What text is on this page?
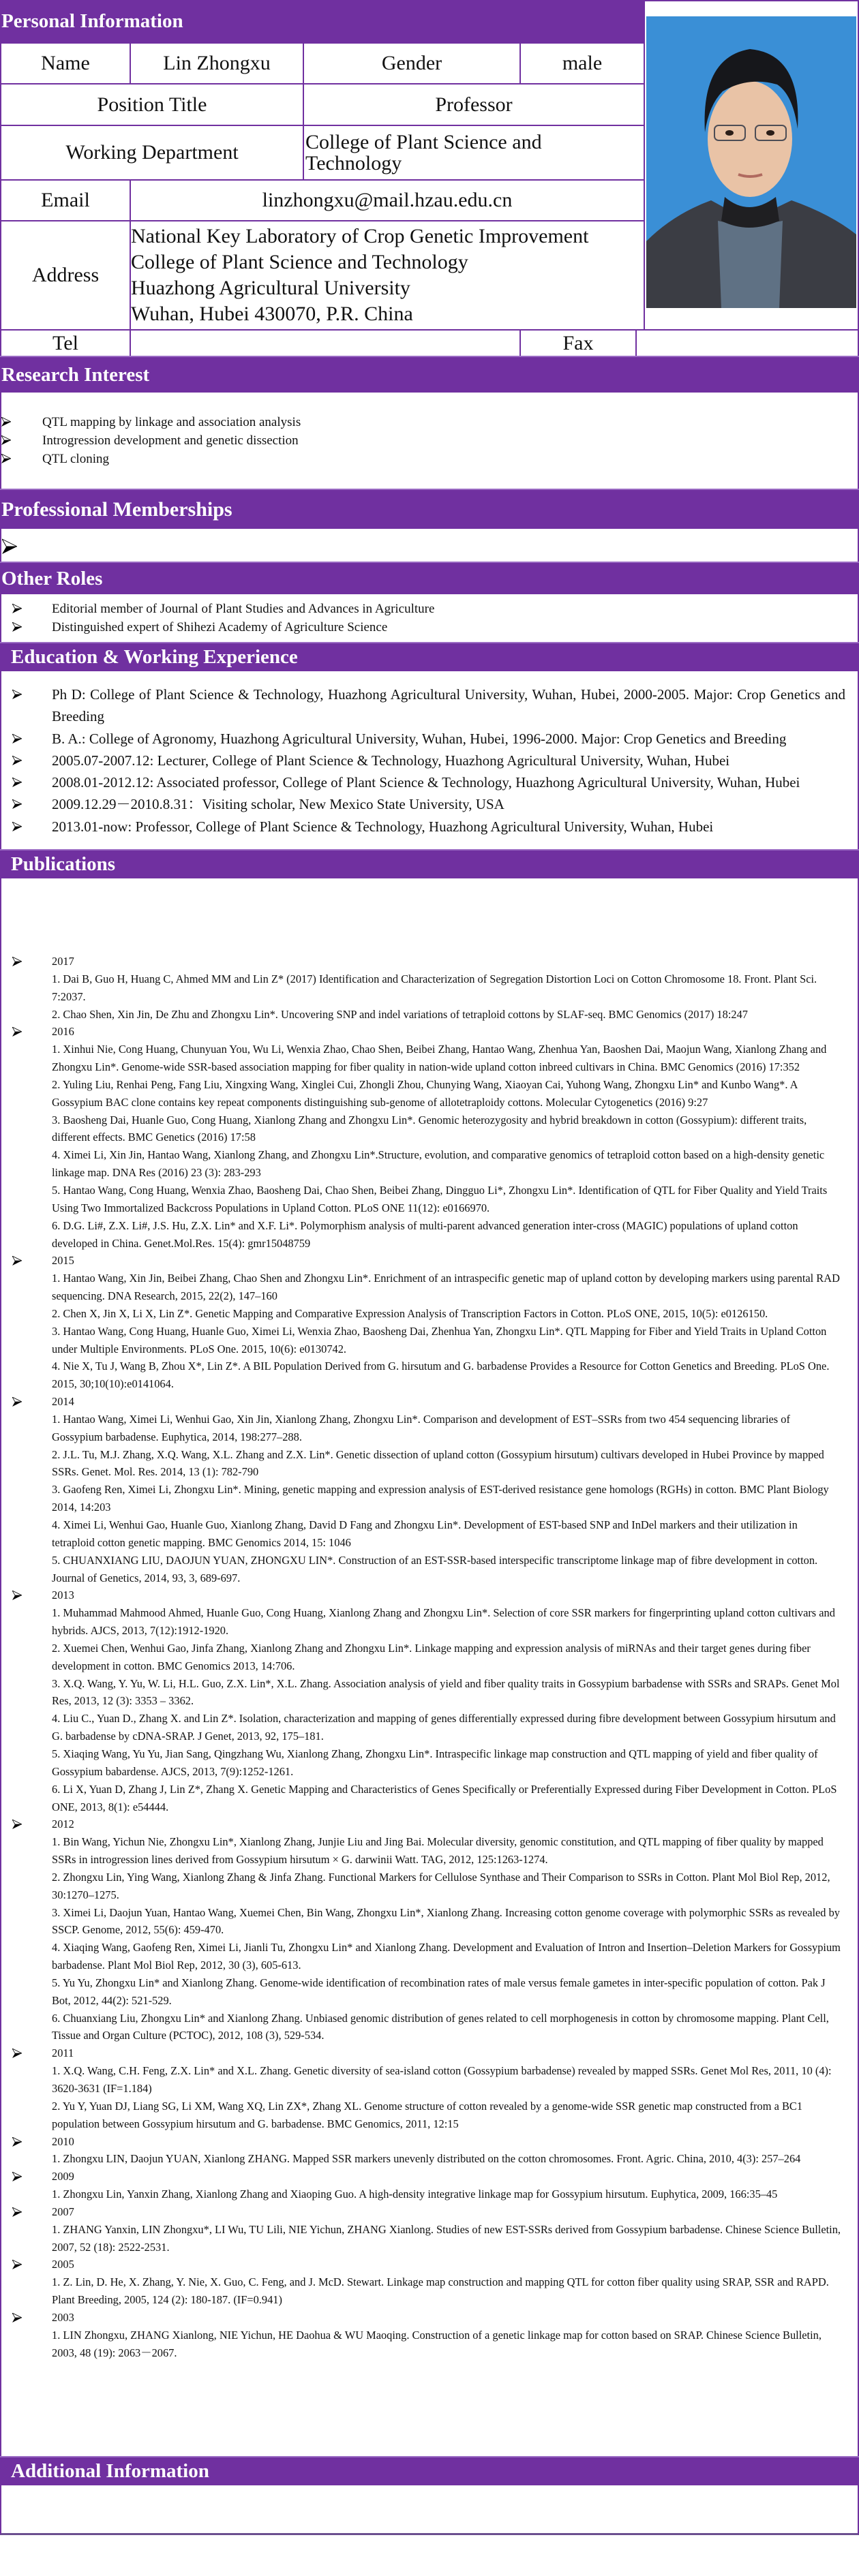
Personal Information
Name	Lin Zhongxu	Gender	male
Position Title	Professor
Working Department	College of Plant Science and Technology
Email	linzhongxu@mail.hzau.edu.cn
Address
National Key Laboratory of Crop Genetic Improvement
College of Plant Science and Technology
Huazhong Agricultural University
Wuhan, Hubei 430070, P.R. China
Tel	Fax
Research Interest
QTL mapping by linkage and association analysis
Introgression development and genetic dissection
QTL cloning
Professional Memberships
Other Roles
Editorial member of Journal of Plant Studies and Advances in Agriculture
Distinguished expert of Shihezi Academy of Agriculture Science
Education & Working Experience
Ph D: College of Plant Science & Technology, Huazhong Agricultural University, Wuhan, Hubei, 2000-2005. Major: Crop Genetics and Breeding
B. A.: College of Agronomy, Huazhong Agricultural University, Wuhan, Hubei, 1996-2000. Major: Crop Genetics and Breeding
2005.07-2007.12: Lecturer, College of Plant Science & Technology, Huazhong Agricultural University, Wuhan, Hubei
2008.01-2012.12: Associated professor, College of Plant Science & Technology, Huazhong Agricultural University, Wuhan, Hubei
2009.12.29－2010.8.31：Visiting scholar, New Mexico State University, USA
2013.01-now: Professor, College of Plant Science & Technology, Huazhong Agricultural University, Wuhan, Hubei
Publications
2017
1. Dai B, Guo H, Huang C, Ahmed MM and Lin Z* (2017) Identification and Characterization of Segregation Distortion Loci on Cotton Chromosome 18. Front. Plant Sci. 7:2037.
2. Chao Shen, Xin Jin, De Zhu and Zhongxu Lin*. Uncovering SNP and indel variations of tetraploid cottons by SLAF-seq. BMC Genomics (2017) 18:247
2016
1. Xinhui Nie, Cong Huang, Chunyuan You, Wu Li, Wenxia Zhao, Chao Shen, Beibei Zhang, Hantao Wang, Zhenhua Yan, Baoshen Dai, Maojun Wang, Xianlong Zhang and Zhongxu Lin*. Genome-wide SSR-based association mapping for fiber quality in nation-wide upland cotton inbreed cultivars in China. BMC Genomics (2016) 17:352
2. Yuling Liu, Renhai Peng, Fang Liu, Xingxing Wang, Xinglei Cui, Zhongli Zhou, Chunying Wang, Xiaoyan Cai, Yuhong Wang, Zhongxu Lin* and Kunbo Wang*. A Gossypium BAC clone contains key repeat components distinguishing sub-genome of allotetraploidy cottons. Molecular Cytogenetics (2016) 9:27
3. Baosheng Dai, Huanle Guo, Cong Huang, Xianlong Zhang and Zhongxu Lin*. Genomic heterozygosity and hybrid breakdown in cotton (Gossypium): different traits, different effects. BMC Genetics (2016) 17:58
4. Ximei Li, Xin Jin, Hantao Wang, Xianlong Zhang, and Zhongxu Lin*.Structure, evolution, and comparative genomics of tetraploid cotton based on a high-density genetic linkage map. DNA Res (2016) 23 (3): 283-293
5. Hantao Wang, Cong Huang, Wenxia Zhao, Baosheng Dai, Chao Shen, Beibei Zhang, Dingguo Li*, Zhongxu Lin*. Identification of QTL for Fiber Quality and Yield Traits Using Two Immortalized Backcross Populations in Upland Cotton. PLoS ONE 11(12): e0166970.
6. D.G. Li#, Z.X. Li#, J.S. Hu, Z.X. Lin* and X.F. Li*. Polymorphism analysis of multi-parent advanced generation inter-cross (MAGIC) populations of upland cotton developed in China. Genet.Mol.Res. 15(4): gmr15048759
2015
1. Hantao Wang, Xin Jin, Beibei Zhang, Chao Shen and Zhongxu Lin*. Enrichment of an intraspecific genetic map of upland cotton by developing markers using parental RAD sequencing. DNA Research, 2015, 22(2), 147–160
2. Chen X, Jin X, Li X, Lin Z*. Genetic Mapping and Comparative Expression Analysis of Transcription Factors in Cotton. PLoS ONE, 2015, 10(5): e0126150.
3. Hantao Wang, Cong Huang, Huanle Guo, Ximei Li, Wenxia Zhao, Baosheng Dai, Zhenhua Yan, Zhongxu Lin*. QTL Mapping for Fiber and Yield Traits in Upland Cotton under Multiple Environments. PLoS One. 2015, 10(6): e0130742.
4. Nie X, Tu J, Wang B, Zhou X*, Lin Z*. A BIL Population Derived from G. hirsutum and G. barbadense Provides a Resource for Cotton Genetics and Breeding. PLoS One. 2015, 30;10(10):e0141064.
2014
1. Hantao Wang, Ximei Li, Wenhui Gao, Xin Jin, Xianlong Zhang, Zhongxu Lin*. Comparison and development of EST–SSRs from two 454 sequencing libraries of Gossypium barbadense. Euphytica, 2014, 198:277–288.
2. J.L. Tu, M.J. Zhang, X.Q. Wang, X.L. Zhang and Z.X. Lin*. Genetic dissection of upland cotton (Gossypium hirsutum) cultivars developed in Hubei Province by mapped SSRs. Genet. Mol. Res. 2014, 13 (1): 782-790
3. Gaofeng Ren, Ximei Li, Zhongxu Lin*. Mining, genetic mapping and expression analysis of EST-derived resistance gene homologs (RGHs) in cotton. BMC Plant Biology 2014, 14:203
4. Ximei Li, Wenhui Gao, Huanle Guo, Xianlong Zhang, David D Fang and Zhongxu Lin*. Development of EST-based SNP and InDel markers and their utilization in tetraploid cotton genetic mapping. BMC Genomics 2014, 15: 1046
5. CHUANXIANG LIU, DAOJUN YUAN, ZHONGXU LIN*. Construction of an EST-SSR-based interspecific transcriptome linkage map of fibre development in cotton. Journal of Genetics, 2014, 93, 3, 689-697.
2013
1. Muhammad Mahmood Ahmed, Huanle Guo, Cong Huang, Xianlong Zhang and Zhongxu Lin*. Selection of core SSR markers for fingerprinting upland cotton cultivars and hybrids. AJCS, 2013, 7(12):1912-1920.
2. Xuemei Chen, Wenhui Gao, Jinfa Zhang, Xianlong Zhang and Zhongxu Lin*. Linkage mapping and expression analysis of miRNAs and their target genes during fiber development in cotton. BMC Genomics 2013, 14:706.
3. X.Q. Wang, Y. Yu, W. Li, H.L. Guo, Z.X. Lin*, X.L. Zhang. Association analysis of yield and fiber quality traits in Gossypium barbadense with SSRs and SRAPs. Genet Mol Res, 2013, 12 (3): 3353 – 3362.
4. Liu C., Yuan D., Zhang X. and Lin Z*. Isolation, characterization and mapping of genes differentially expressed during fibre development between Gossypium hirsutum and G. barbadense by cDNA-SRAP. J Genet, 2013, 92, 175–181.
5. Xiaqing Wang, Yu Yu, Jian Sang, Qingzhang Wu, Xianlong Zhang, Zhongxu Lin*. Intraspecific linkage map construction and QTL mapping of yield and fiber quality of Gossypium babardense. AJCS, 2013, 7(9):1252-1261.
6. Li X, Yuan D, Zhang J, Lin Z*, Zhang X. Genetic Mapping and Characteristics of Genes Specifically or Preferentially Expressed during Fiber Development in Cotton. PLoS ONE, 2013, 8(1): e54444.
2012
1. Bin Wang, Yichun Nie, Zhongxu Lin*, Xianlong Zhang, Junjie Liu and Jing Bai. Molecular diversity, genomic constitution, and QTL mapping of fiber quality by mapped SSRs in introgression lines derived from Gossypium hirsutum × G. darwinii Watt. TAG, 2012, 125:1263-1274.
2. Zhongxu Lin, Ying Wang, Xianlong Zhang & Jinfa Zhang. Functional Markers for Cellulose Synthase and Their Comparison to SSRs in Cotton. Plant Mol Biol Rep, 2012, 30:1270–1275.
3. Ximei Li, Daojun Yuan, Hantao Wang, Xuemei Chen, Bin Wang, Zhongxu Lin*, Xianlong Zhang. Increasing cotton genome coverage with polymorphic SSRs as revealed by SSCP. Genome, 2012, 55(6): 459-470.
4. Xiaqing Wang, Gaofeng Ren, Ximei Li, Jianli Tu, Zhongxu Lin* and Xianlong Zhang. Development and Evaluation of Intron and Insertion–Deletion Markers for Gossypium barbadense. Plant Mol Biol Rep, 2012, 30 (3), 605-613.
5. Yu Yu, Zhongxu Lin* and Xianlong Zhang. Genome-wide identification of recombination rates of male versus female gametes in inter-specific population of cotton. Pak J Bot, 2012, 44(2): 521-529.
6. Chuanxiang Liu, Zhongxu Lin* and Xianlong Zhang. Unbiased genomic distribution of genes related to cell morphogenesis in cotton by chromosome mapping. Plant Cell, Tissue and Organ Culture (PCTOC), 2012, 108 (3), 529-534.
2011
1. X.Q. Wang, C.H. Feng, Z.X. Lin* and X.L. Zhang. Genetic diversity of sea-island cotton (Gossypium barbadense) revealed by mapped SSRs. Genet Mol Res, 2011, 10 (4): 3620-3631 (IF=1.184)
2. Yu Y, Yuan DJ, Liang SG, Li XM, Wang XQ, Lin ZX*, Zhang XL. Genome structure of cotton revealed by a genome-wide SSR genetic map constructed from a BC1 population between Gossypium hirsutum and G. barbadense. BMC Genomics, 2011, 12:15
2010
1. Zhongxu LIN, Daojun YUAN, Xianlong ZHANG. Mapped SSR markers unevenly distributed on the cotton chromosomes. Front. Agric. China, 2010, 4(3): 257–264
2009
1. Zhongxu Lin, Yanxin Zhang, Xianlong Zhang and Xiaoping Guo. A high-density integrative linkage map for Gossypium hirsutum. Euphytica, 2009, 166:35–45
2007
1. ZHANG Yanxin, LIN Zhongxu*, LI Wu, TU Lili, NIE Yichun, ZHANG Xianlong. Studies of new EST-SSRs derived from Gossypium barbadense. Chinese Science Bulletin, 2007, 52 (18): 2522-2531.
2005
1. Z. Lin, D. He, X. Zhang, Y. Nie, X. Guo, C. Feng, and J. McD. Stewart. Linkage map construction and mapping QTL for cotton fiber quality using SRAP, SSR and RAPD. Plant Breeding, 2005, 124 (2): 180-187. (IF=0.941)
2003
1. LIN Zhongxu, ZHANG Xianlong, NIE Yichun, HE Daohua & WU Maoqing. Construction of a genetic linkage map for cotton based on SRAP. Chinese Science Bulletin, 2003, 48 (19): 2063－2067.
Additional Information
